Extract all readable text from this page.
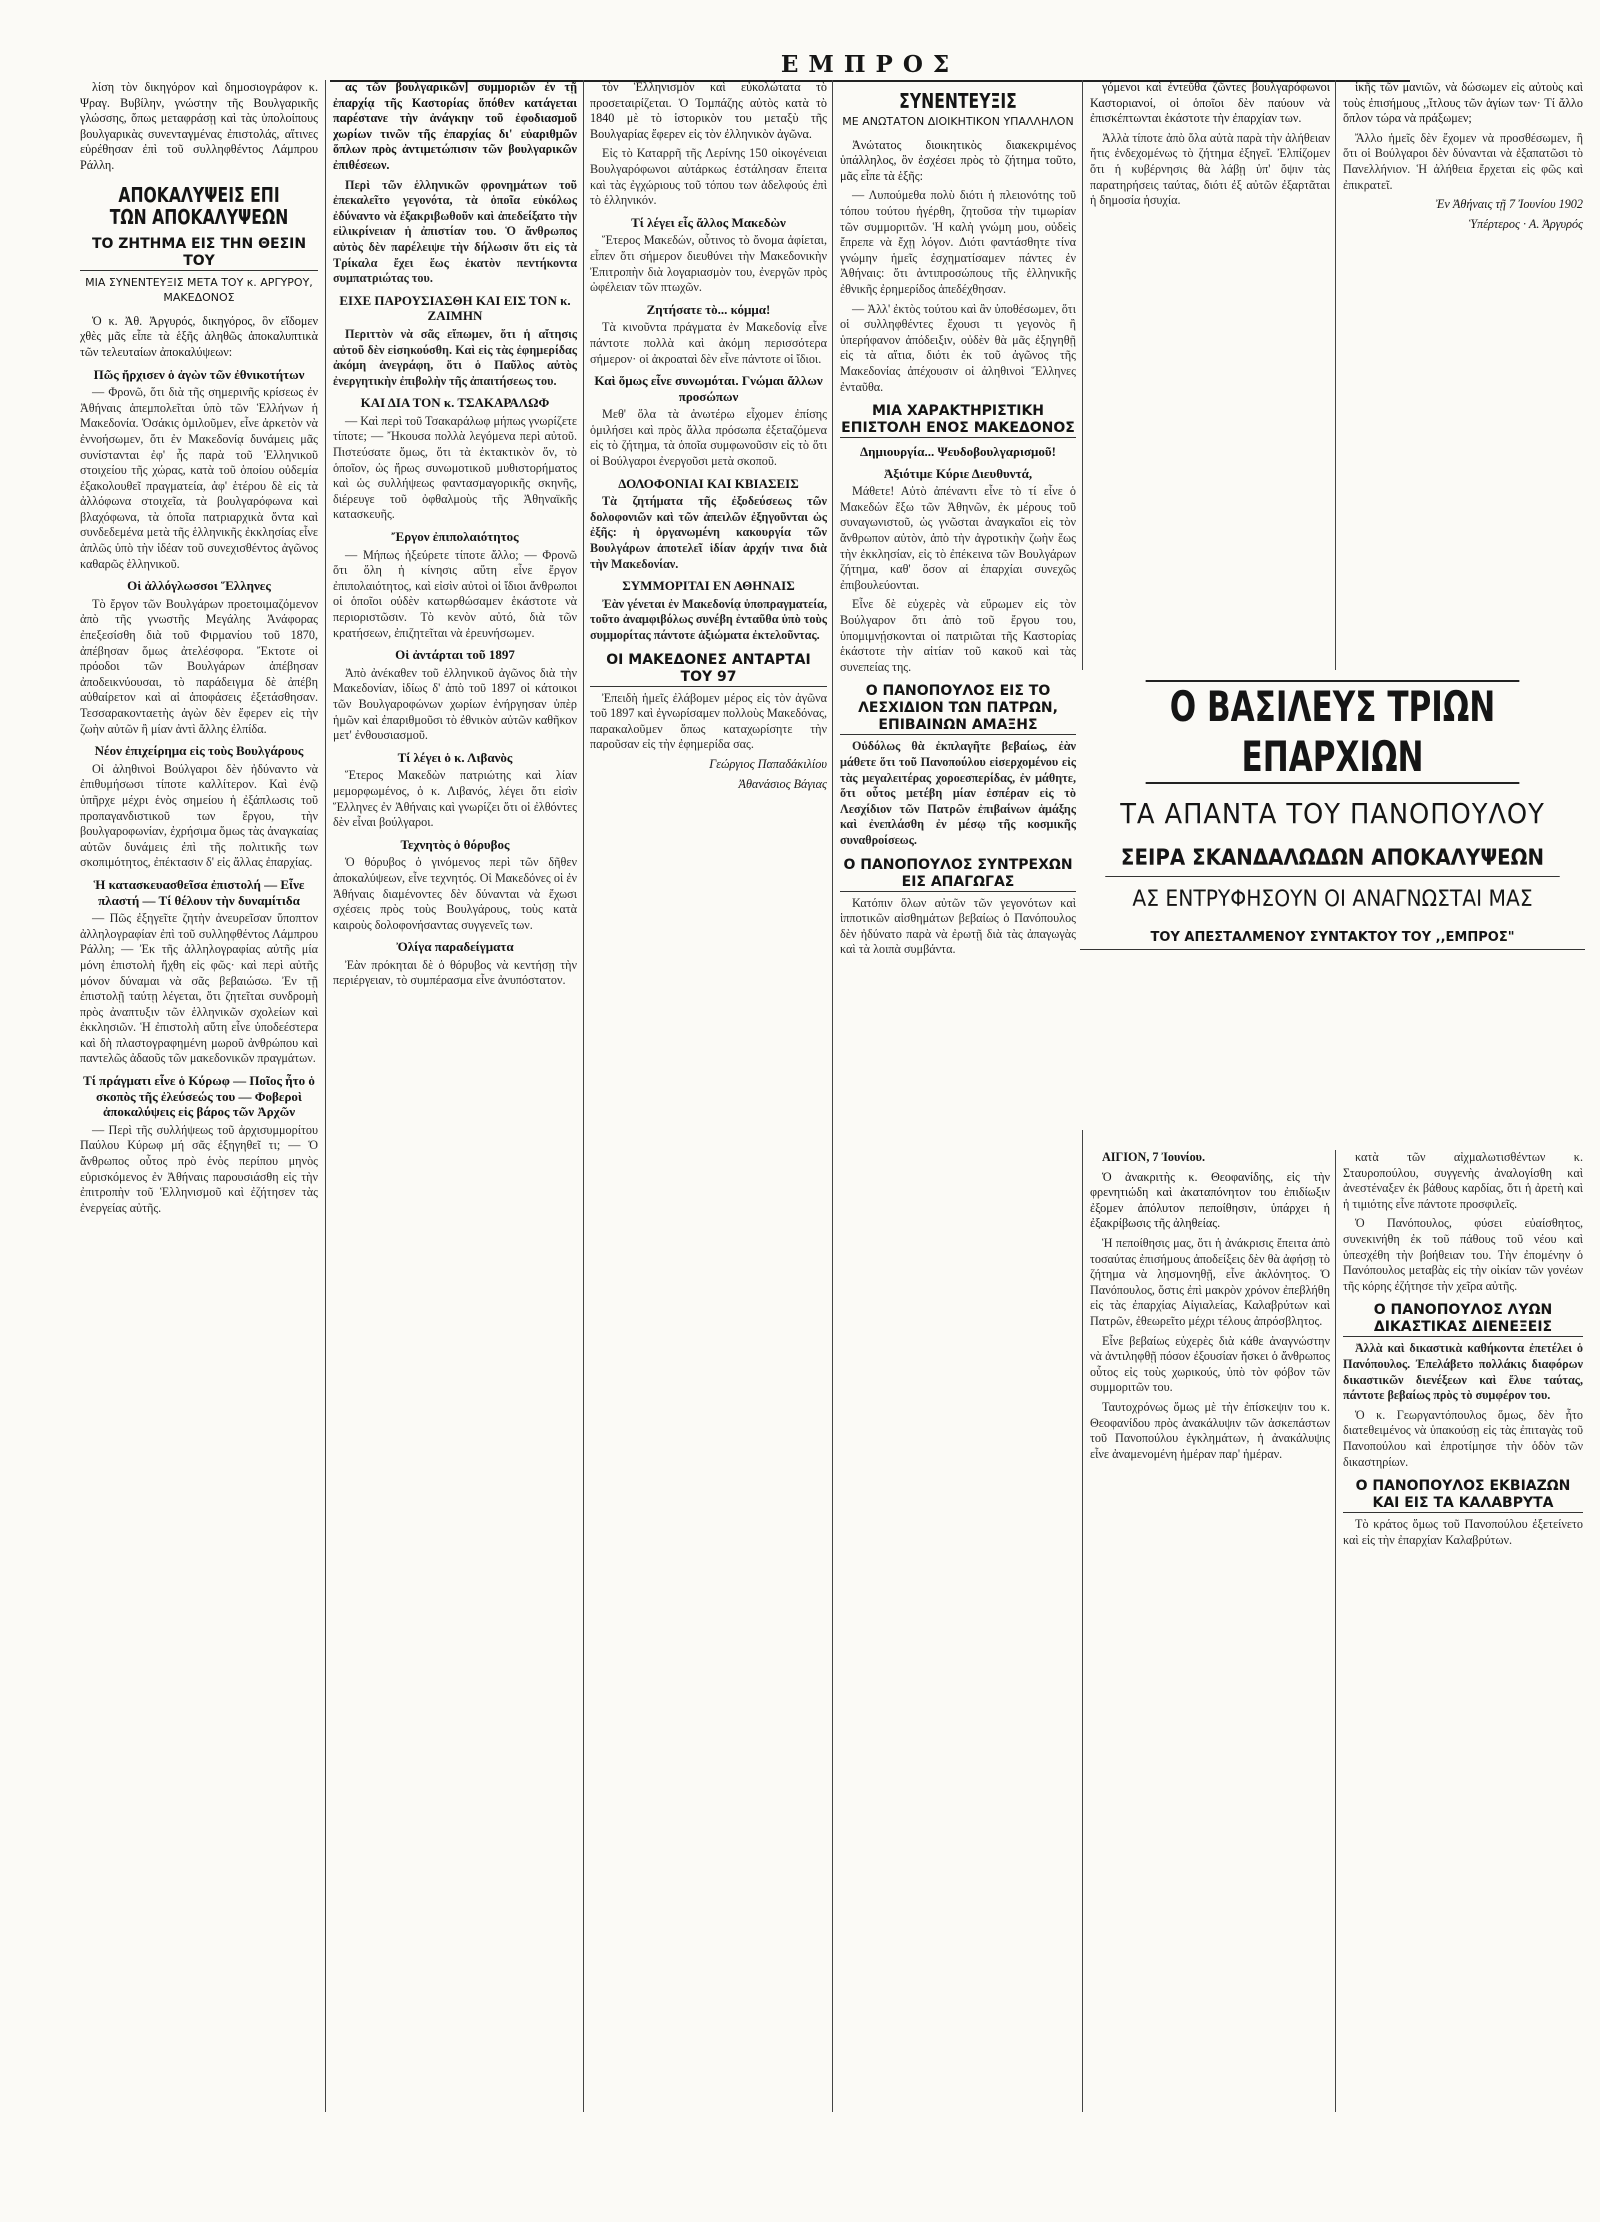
ΕΜΠΡΟΣ

λίση τὸν δικηγόρον καὶ δημοσιογράφον κ. Ψραγ. Βυβίλην, γνώστην τῆς Βουλγαρικῆς γλώσσης, ὅπως μεταφράσῃ καὶ τὰς ὑπολοίπους βουλγαρικὰς συνενταγμένας ἐπιστολάς, αἵτινες εὑρέθησαν ἐπὶ τοῦ συλληφθέντος Λάμπρου Ράλλη.

ΑΠΟΚΑΛΥΨΕΙΣ ΕΠΙ ΤΩΝ ΑΠΟΚΑΛΥΨΕΩΝ
ΤΟ ΖΗΤΗΜΑ ΕΙΣ ΤΗΝ ΘΕΣΙΝ ΤΟΥ
ΜΙΑ ΣΥΝΕΝΤΕΥΞΙΣ ΜΕΤΑ ΤΟΥ κ. ΑΡΓΥΡΟΥ, ΜΑΚΕΔΟΝΟΣ

Ὁ κ. Ἀθ. Ἀργυρός, δικηγόρος, ὃν εἴδομεν χθὲς μᾶς εἶπε τὰ ἑξῆς ἀληθῶς ἀποκαλυπτικὰ τῶν τελευταίων ἀποκαλύψεων:

Πῶς ἤρχισεν ὁ ἀγὼν τῶν ἐθνικοτήτων

— Φρονῶ, ὅτι διὰ τῆς σημερινῆς κρίσεως ἐν Ἀθήναις ἀπεμπολεῖται ὑπὸ τῶν Ἑλλήνων ἡ Μακεδονία. Ὁσάκις ὁμιλοῦμεν, εἶνε ἀρκετὸν νὰ ἐννοήσωμεν, ὅτι ἐν Μακεδονίᾳ δυνάμεις μᾶς συνίστανται ἐφ' ἧς παρὰ τοῦ Ἑλληνικοῦ στοιχείου τῆς χώρας, κατὰ τοῦ ὁποίου οὐδεμία ἐξακολουθεῖ πραγματεία, ἀφ' ἑτέρου δὲ εἰς τὰ ἀλλόφωνα στοιχεῖα, τὰ βουλγαρόφωνα καὶ βλαχόφωνα, τὰ ὁποῖα πατριαρχικὰ ὄντα καὶ συνδεδεμένα μετὰ τῆς ἑλληνικῆς ἐκκλησίας εἶνε ἀπλῶς ὑπὸ τὴν ἰδέαν τοῦ συνεχισθέντος ἀγῶνος καθαρῶς ἑλληνικοῦ.

Οἱ ἀλλόγλωσσοι Ἕλληνες

Τὸ ἔργον τῶν Βουλγάρων προετοιμαζόμενον ἀπὸ τῆς γνωστῆς Μεγάλης Ἀνάφορας ἐπεξεσίσθη διὰ τοῦ Φιρμανίου τοῦ 1870, ἀπέβησαν ὅμως ἀτελέσφορα. Ἔκτοτε οἱ πρόοδοι τῶν Βουλγάρων ἀπέβησαν ἀποδεικνύουσαι, τὸ παράδειγμα δὲ ἀπέβη αὐθαίρετον καὶ αἱ ἀποφάσεις ἐξετάσθησαν. Τεσσαρακονταετὴς ἀγὼν δὲν ἔφερεν εἰς τὴν ζωὴν αὐτῶν ἢ μίαν ἀντὶ ἄλλης ἐλπίδα.

Νέον ἐπιχείρημα εἰς τοὺς Βουλγάρους

Οἱ ἀληθινοὶ Βούλγαροι δὲν ἠδύναντο νὰ ἐπιθυμήσωσι τίποτε καλλίτερον. Καὶ ἐνῷ ὑπῆρχε μέχρι ἑνὸς σημείου ἡ ἐξάπλωσις τοῦ προπαγανδιστικοῦ των ἔργου, τὴν βουλγαροφωνίαν, ἐχρήσιμα ὅμως τὰς ἀναγκαίας αὐτῶν δυνάμεις ἐπὶ τῆς πολιτικῆς των σκοπιμότητος, ἐπέκτασιν δ' εἰς ἄλλας ἐπαρχίας.

Ἡ κατασκευασθεῖσα ἐπιστολή — Εἶνε πλαστή — Τί θέλουν τὴν δυναμίτιδα

— Πῶς ἐξηγεῖτε ζητὴν ἀνευρεῖσαν ὕποπτον ἀλληλογραφίαν ἐπὶ τοῦ συλληφθέντος Λάμπρου Ράλλη; — Ἐκ τῆς ἀλληλογραφίας αὐτῆς μία μόνη ἐπιστολὴ ἤχθη εἰς φῶς· καὶ περὶ αὐτῆς μόνον δύναμαι νὰ σᾶς βεβαιώσω. Ἐν τῇ ἐπιστολῇ ταύτῃ λέγεται, ὅτι ζητεῖται συνδρομὴ πρὸς ἀναπτυξιν τῶν ἑλληνικῶν σχολείων καὶ ἐκκλησιῶν. Ἡ ἐπιστολὴ αὕτη εἶνε ὑποδεέστερα καὶ δὴ πλαστογραφημένη μωροῦ ἀνθρώπου καὶ παντελῶς ἀδαοῦς τῶν μακεδονικῶν πραγμάτων.

Τί πράγματι εἶνε ὁ Κύρωφ — Ποῖος ἦτο ὁ σκοπὸς τῆς ἐλεύσεώς του — Φοβεροὶ ἀποκαλύψεις εἰς βάρος τῶν Ἀρχῶν

— Περὶ τῆς συλλήψεως τοῦ ἀρχισυμμορίτου Παύλου Κύρωφ μή σᾶς ἐξηγηθεῖ τι; — Ὁ ἄνθρωπος οὗτος πρὸ ἑνὸς περίπου μηνὸς εὑρισκόμενος ἐν Ἀθήναις παρουσιάσθη εἰς τὴν ἐπιτροπὴν τοῦ Ἑλληνισμοῦ καὶ ἐζήτησεν τὰς ἐνεργείας αὐτῆς.

ας τῶν βουλγαρικῶν] συμμοριῶν ἐν τῇ ἐπαρχίᾳ τῆς Καστορίας ὅπόθεν κατάγεται παρέστανε τὴν ἀνάγκην τοῦ ἐφοδιασμοῦ χωρίων τινῶν τῆς ἐπαρχίας δι' εὐαριθμῶν ὅπλων πρὸς ἀντιμετώπισιν τῶν βουλγαρικῶν ἐπιθέσεων.

Περὶ τῶν ἑλληνικῶν φρονημάτων τοῦ ἐπεκαλεῖτο γεγονότα, τὰ ὁποῖα εὐκόλως ἐδύναντο νὰ ἐξακριβωθοῦν καὶ ἀπεδείξατο τὴν εἰλικρίνειαν ἡ ἀπιστίαν του. Ὁ ἄνθρωπος αὐτὸς δὲν παρέλειψε τὴν δήλωσιν ὅτι εἰς τὰ Τρίκαλα ἔχει ἕως ἑκατὸν πεντήκοντα συμπατριώτας του.

ΕΙΧΕ ΠΑΡΟΥΣΙΑΣΘΗ ΚΑΙ ΕΙΣ ΤΟΝ κ. ΖΑΙΜΗΝ

Περιττὸν νὰ σᾶς εἴπωμεν, ὅτι ἡ αἴτησις αὐτοῦ δὲν εἰσηκούσθη. Καὶ εἰς τὰς ἐφημερίδας ἀκόμη ἀνεγράφη, ὅτι ὁ Παῦλος αὐτὸς ἐνεργητικὴν ἐπιβολὴν τῆς ἀπαιτήσεως του.

ΚΑΙ ΔΙΑ ΤΟΝ κ. ΤΣΑΚΑΡΑΛΩΦ

— Καὶ περὶ τοῦ Τσακαράλωφ μήπως γνωρίζετε τίποτε; — Ἤκουσα πολλὰ λεγόμενα περὶ αὐτοῦ. Πιστεύσατε ὅμως, ὅτι τὰ ἐκτακτικὸν ὅν, τὸ ὁποῖον, ὡς ἥρως συνωμοτικοῦ μυθιστορήματος καὶ ὡς συλλήψεως φαντασμαγορικῆς σκηνῆς, διέρευγε τοῦ ὀφθαλμοὺς τῆς Ἀθηναϊκῆς κατασκευῆς.

Ἔργον ἐπιπολαιότητος

— Μήπως ἠξεύρετε τίποτε ἄλλο; — Φρονῶ ὅτι ὅλη ἡ κίνησις αὕτη εἶνε ἔργον ἐπιπολαιότητος, καὶ εἰσὶν αὐτοὶ οἱ ἴδιοι ἄνθρωποι οἱ ὁποῖοι οὐδὲν κατωρθώσαμεν ἑκάστοτε νὰ περιοριστῶσιν. Τὸ κενὸν αὐτό, διὰ τῶν κρατήσεων, ἐπιζητεῖται νὰ ἐρευνήσωμεν.

Οἱ ἀντάρται τοῦ 1897

Ἀπὸ ἀνέκαθεν τοῦ ἑλληνικοῦ ἀγῶνος διὰ τὴν Μακεδονίαν, ἰδίως δ' ἀπὸ τοῦ 1897 οἱ κάτοικοι τῶν Βουλγαροφώνων χωρίων ἐνήργησαν ὑπὲρ ἡμῶν καὶ ἐπαριθμοῦσι τὸ ἐθνικὸν αὐτῶν καθῆκον μετ' ἐνθουσιασμοῦ.

Τί λέγει ὁ κ. Λιβανὸς

Ἕτερος Μακεδὼν πατριώτης καὶ λίαν μεμορφωμένος, ὁ κ. Λιβανός, λέγει ὅτι εἰσὶν Ἕλληνες ἐν Ἀθήναις καὶ γνωρίζει ὅτι οἱ ἐλθόντες δὲν εἶναι βούλγαροι.

Τεχνητὸς ὁ θόρυβος

Ὁ θόρυβος ὁ γινόμενος περὶ τῶν δῆθεν ἀποκαλύψεων, εἶνε τεχνητός. Οἱ Μακεδόνες οἱ ἐν Ἀθήναις διαμένοντες δὲν δύνανται νὰ ἔχωσι σχέσεις πρὸς τοὺς Βουλγάρους, τοὺς κατὰ καιροὺς δολοφονήσαντας συγγενεῖς των.

Ὀλίγα παραδείγματα

Ἐὰν πρόκηται δὲ ὁ θόρυβος νὰ κεντήσῃ τὴν περιέργειαν, τὸ συμπέρασμα εἶνε ἀνυπόστατον.

τὸν Ἑλληνισμὸν καὶ εὐκολώτατα τὸ προσεταιρίζεται. Ὁ Τομπάζης αὐτὸς κατὰ τὸ 1840 μὲ τὸ ἱστορικὸν του μεταξὺ τῆς Βουλγαρίας ἔφερεν εἰς τὸν ἐλληνικὸν ἀγῶνα.

Εἰς τὸ Καταρρῆ τῆς Λερίνης 150 οἰκογένειαι Βουλγαρόφωνοι αὐτάρκως ἐστάλησαν ἔπειτα καὶ τὰς ἐγχώριους τοῦ τόπου των ἀδελφούς ἐπὶ τὸ ἑλληνικόν.

Τί λέγει εἷς ἄλλος Μακεδὼν

Ἕτερος Μακεδών, οὗτινος τὸ ὄνομα ἀφίεται, εἶπεν ὅτι σήμερον διευθύνει τὴν Μακεδονικὴν Ἐπιτροπὴν διὰ λογαριασμὸν του, ἐνεργῶν πρὸς ὠφέλειαν τῶν πτωχῶν.

Ζητήσατε τὸ... κόμμα!

Τὰ κινοῦντα πράγματα ἐν Μακεδονίᾳ εἶνε πάντοτε πολλὰ καὶ ἀκόμη περισσότερα σήμερον· οἱ ἀκροαταὶ δὲν εἶνε πάντοτε οἱ ἴδιοι.

Καὶ ὅμως εἶνε συνωμόται. Γνώμαι ἄλλων προσώπων

Μεθ' ὅλα τὰ ἀνωτέρω εἶχομεν ἐπίσης ὁμιλήσει καὶ πρὸς ἄλλα πρόσωπα ἐξεταζόμενα εἰς τὸ ζήτημα, τὰ ὁποῖα συμφωνοῦσιν εἰς τὸ ὅτι οἱ Βούλγαροι ἐνεργοῦσι μετὰ σκοποῦ.

ΔΟΛΟΦΟΝΙΑΙ ΚΑΙ ΚΒΙΑΣΕΙΣ

Τὰ ζητήματα τῆς ἐξοδεύσεως τῶν δολοφονιῶν καὶ τῶν ἀπειλῶν ἐξηγοῦνται ὡς ἐξῆς: ἡ ὀργανωμένη κακουργία τῶν Βουλγάρων ἀποτελεῖ ἰδίαν ἀρχήν τινα διὰ τὴν Μακεδονίαν.

ΣΥΜΜΟΡΙΤΑΙ ΕΝ ΑΘΗΝΑΙΣ

Ἐὰν γένεται ἐν Μακεδονίᾳ ὑποπραγματεία, τοῦτο ἀναμφιβόλως συνέβη ἐνταῦθα ὑπὸ τοὺς συμμορίτας πάντοτε ἀξιώματα ἐκτελοῦντας.

ΟΙ ΜΑΚΕΔΟΝΕΣ ΑΝΤΑΡΤΑΙ ΤΟΥ 97

Ἐπειδὴ ἡμεῖς ἐλάβομεν μέρος εἰς τὸν ἀγῶνα τοῦ 1897 καὶ ἐγνωρίσαμεν πολλοὺς Μακεδόνας, παρακαλοῦμεν ὅπως καταχωρίσητε τὴν παροῦσαν εἰς τὴν ἐφημερίδα σας.

Γεώργιος Παπαδάκιλίου

Ἀθανάσιος Βάγιας

ΣΥΝΕΝΤΕΥΞΙΣ
ΜΕ ΑΝΩΤΑΤΟΝ ΔΙΟΙΚΗΤΙΚΟΝ ΥΠΑΛΛΗΛΟΝ

Ἀνώτατος διοικητικὸς διακεκριμένος ὑπάλληλος, ὃν ἐσχέσει πρὸς τὸ ζήτημα τοῦτο, μᾶς εἶπε τὰ ἑξῆς:

— Λυπούμεθα πολὺ διότι ἡ πλειονότης τοῦ τόπου τούτου ἠγέρθη, ζητοῦσα τὴν τιμωρίαν τῶν συμμοριτῶν. Ἡ καλὴ γνώμη μου, οὐδεὶς ἔπρεπε νὰ ἔχῃ λόγον. Διότι φαντάσθητε τίνα γνώμην ἡμεῖς ἐσχηματίσαμεν πάντες ἐν Ἀθήναις: ὅτι ἀντιπροσώπους τῆς ἑλληνικῆς ἐθνικῆς ἐρημερίδος ἀπεδέχθησαν.

— Ἀλλ' ἐκτὸς τούτου καὶ ἂν ὑποθέσωμεν, ὅτι οἱ συλληφθέντες ἔχουσι τι γεγονὸς ἢ ὑπερήφανον ἀπόδειξιν, οὐδὲν θὰ μᾶς ἐξηγηθῇ εἰς τὰ αἴτια, διότι ἐκ τοῦ ἀγῶνος τῆς Μακεδονίας ἀπέχουσιν οἱ ἀληθινοὶ Ἕλληνες ἐνταῦθα.

ΜΙΑ ΧΑΡΑΚΤΗΡΙΣΤΙΚΗ ΕΠΙΣΤΟΛΗ ΕΝΟΣ ΜΑΚΕΔΟΝΟΣ
Δημιουργία... Ψευδοβουλγαρισμοῦ!
Ἀξιότιμε Κύριε Διευθυντά,

Μάθετε! Αὐτὸ ἀπέναντι εἶνε τὸ τί εἶνε ὁ Μακεδών ἔξω τῶν Ἀθηνῶν, ἐκ μέρους τοῦ συναγωνιστοῦ, ὡς γνῶσται ἀναγκαῖοι εἰς τὸν ἄνθρωπον αὐτὸν, ἀπὸ τὴν ἀγροτικὴν ζωὴν ἕως τὴν ἐκκλησίαν, εἰς τὸ ἐπέκεινα τῶν Βουλγάρων ζήτημα, καθ' ὅσον αἱ ἐπαρχίαι συνεχῶς ἐπιβουλεύονται.

Εἶνε δὲ εὐχερὲς νὰ εὕρωμεν εἰς τὸν Βούλγαρον ὅτι ἀπὸ τοῦ ἔργου του, ὑπομιμνῄσκονται οἱ πατριῶται τῆς Καστορίας ἑκάστοτε τὴν αἰτίαν τοῦ κακοῦ καὶ τὰς συνεπείας της.

Ο ΠΑΝΟΠΟΥΛΟΣ ΕΙΣ ΤΟ ΛΕΣΧΙΔΙΟΝ ΤΩΝ ΠΑΤΡΩΝ, ΕΠΙΒΑΙΝΩΝ ΑΜΑΞΗΣ

Οὐδόλως θὰ ἐκπλαγῆτε βεβαίως, ἐὰν μάθετε ὅτι τοῦ Πανοπούλου εἰσερχομένου εἰς τὰς μεγαλειτέρας χοροεσπερίδας, ἐν μάθητε, ὅτι οὗτος μετέβη μίαν ἐσπέραν εἰς τὸ Λεσχίδιον τῶν Πατρῶν ἐπιβαίνων ἁμάξης καὶ ἐνεπλάσθη ἐν μέσῳ τῆς κοσμικῆς συναθροίσεως.

Ο ΠΑΝΟΠΟΥΛΟΣ ΣΥΝΤΡΕΧΩΝ ΕΙΣ ΑΠΑΓΩΓΑΣ

Κατόπιν ὅλων αὐτῶν τῶν γεγονότων καὶ ἱπποτικῶν αἰσθημάτων βεβαίως ὁ Πανόπουλος δὲν ἠδύνατο παρὰ νὰ ἐρωτῇ διὰ τὰς ἀπαγωγὰς καὶ τὰ λοιπὰ συμβάντα.

γόμενοι καὶ ἐντεῦθα ζῶντες βουλγαρόφωνοι Καστοριανοί, οἱ ὁποῖοι δὲν παύουν νὰ ἐπισκέπτωνται ἑκάστοτε τὴν ἐπαρχίαν των.

Ἀλλὰ τίποτε ἀπὸ ὅλα αὐτὰ παρὰ τὴν ἀλήθειαν ἥτις ἐνδεχομένως τὸ ζήτημα ἐξηγεῖ. Ἐλπίζομεν ὅτι ἡ κυβέρνησις θὰ λάβῃ ὑπ' ὄψιν τὰς παρατηρήσεις ταύτας, διότι ἐξ αὐτῶν ἐξαρτᾶται ἡ δημοσία ἡσυχία.

ἰκῆς τῶν μανιῶν, νὰ δώσωμεν εἰς αὐτοὺς καὶ τοὺς ἐπισήμους ,,ἴτλους τῶν ἁγίων των· Τί ἄλλο ὅπλον τώρα νὰ πράξωμεν;

Ἄλλο ἡμεῖς δὲν ἔχομεν νὰ προσθέσωμεν, ἢ ὅτι οἱ Βούλγαροι δὲν δύνανται νὰ ἐξαπατῶσι τὸ Πανελλήνιον. Ἡ ἀλήθεια ἔρχεται εἰς φῶς καὶ ἐπικρατεῖ.

Ἐν Ἀθήναις τῇ 7 Ἰουνίου 1902

Ὑπέρτερος · Α. Ἀργυρός

Ο ΒΑΣΙΛΕΥΣ ΤΡΙΩΝ ΕΠΑΡΧΙΩΝ
ΤΑ ΑΠΑΝΤΑ ΤΟΥ ΠΑΝΟΠΟΥΛΟΥ
ΣΕΙΡΑ ΣΚΑΝΔΑΛΩΔΩΝ ΑΠΟΚΑΛΥΨΕΩΝ
ΑΣ ΕΝΤΡΥΦΗΣΟΥΝ ΟΙ ΑΝΑΓΝΩΣΤΑΙ ΜΑΣ
ΤΟΥ ΑΠΕΣΤΑΛΜΕΝΟΥ ΣΥΝΤΑΚΤΟΥ ΤΟΥ ,,ΕΜΠΡΟΣ"

ΑΙΓΙΟΝ, 7 Ἰουνίου.

Ὁ ἀνακριτὴς κ. Θεοφανίδης, εἰς τὴν φρενητιώδη καὶ ἀκαταπόνητον του ἐπιδίωξιν ἐξομεν ἀπόλυτον πεποίθησιν, ὑπάρχει ἡ ἐξακρίβωσις τῆς ἀληθείας.

Ἡ πεποίθησις μας, ὅτι ἡ ἀνάκρισις ἔπειτα ἀπὸ τοσαύτας ἐπισήμους ἀποδείξεις δὲν θὰ ἀφήσῃ τὸ ζήτημα νὰ λησμονηθῇ, εἶνε ἀκλόνητος. Ὁ Πανόπουλος, ὅστις ἐπὶ μακρὸν χρόνον ἐπεβλήθη εἰς τὰς ἐπαρχίας Αἰγιαλείας, Καλαβρύτων καὶ Πατρῶν, ἐθεωρεῖτο μέχρι τέλους ἀπρόσβλητος.

Εἶνε βεβαίως εὐχερὲς διὰ κάθε ἀναγνώστην νὰ ἀντιληφθῇ πόσον ἐξουσίαν ἤσκει ὁ ἄνθρωπος οὗτος εἰς τοὺς χωρικούς, ὑπὸ τὸν φόβον τῶν συμμοριτῶν του.

Ταυτοχρόνως ὅμως μὲ τὴν ἐπίσκεψιν του κ. Θεοφανίδου πρὸς ἀνακάλυψιν τῶν ἀσκεπάστων τοῦ Πανοπούλου ἐγκλημάτων, ἡ ἀνακάλυψις εἶνε ἀναμενομένη ἡμέραν παρ' ἡμέραν.

κατὰ τῶν αἰχμαλωτισθέντων κ. Σταυροπούλου, συγγενὴς ἀναλογίσθη καὶ ἀνεστέναξεν ἐκ βάθους καρδίας, ὅτι ἡ ἀρετὴ καὶ ἡ τιμιότης εἶνε πάντοτε προσφιλεῖς.

Ὁ Πανόπουλος, φύσει εὐαίσθητος, συνεκινήθη ἐκ τοῦ πάθους τοῦ νέου καὶ ὑπεσχέθη τὴν βοήθειαν του. Τὴν ἐπομένην ὁ Πανόπουλος μεταβὰς εἰς τὴν οἰκίαν τῶν γονέων τῆς κόρης ἐζήτησε τὴν χεῖρα αὐτῆς.

Ο ΠΑΝΟΠΟΥΛΟΣ ΛΥΩΝ ΔΙΚΑΣΤΙΚΑΣ ΔΙΕΝΕΞΕΙΣ

Ἀλλὰ καὶ δικαστικὰ καθήκοντα ἐπετέλει ὁ Πανόπουλος. Ἐπελάβετο πολλάκις διαφόρων δικαστικῶν διενέξεων καὶ ἔλυε ταύτας, πάντοτε βεβαίως πρὸς τὸ συμφέρον του.

Ὁ κ. Γεωργαντόπουλος ὅμως, δὲν ἦτο διατεθειμένος νὰ ὑπακούσῃ εἰς τὰς ἐπιταγὰς τοῦ Πανοπούλου καὶ ἐπροτίμησε τὴν ὁδὸν τῶν δικαστηρίων.

Ο ΠΑΝΟΠΟΥΛΟΣ ΕΚΒΙΑΖΩΝ ΚΑΙ ΕΙΣ ΤΑ ΚΑΛΑΒΡΥΤΑ

Τὸ κράτος ὅμως τοῦ Πανοπούλου ἐξετείνετο καὶ εἰς τὴν ἐπαρχίαν Καλαβρύτων.
